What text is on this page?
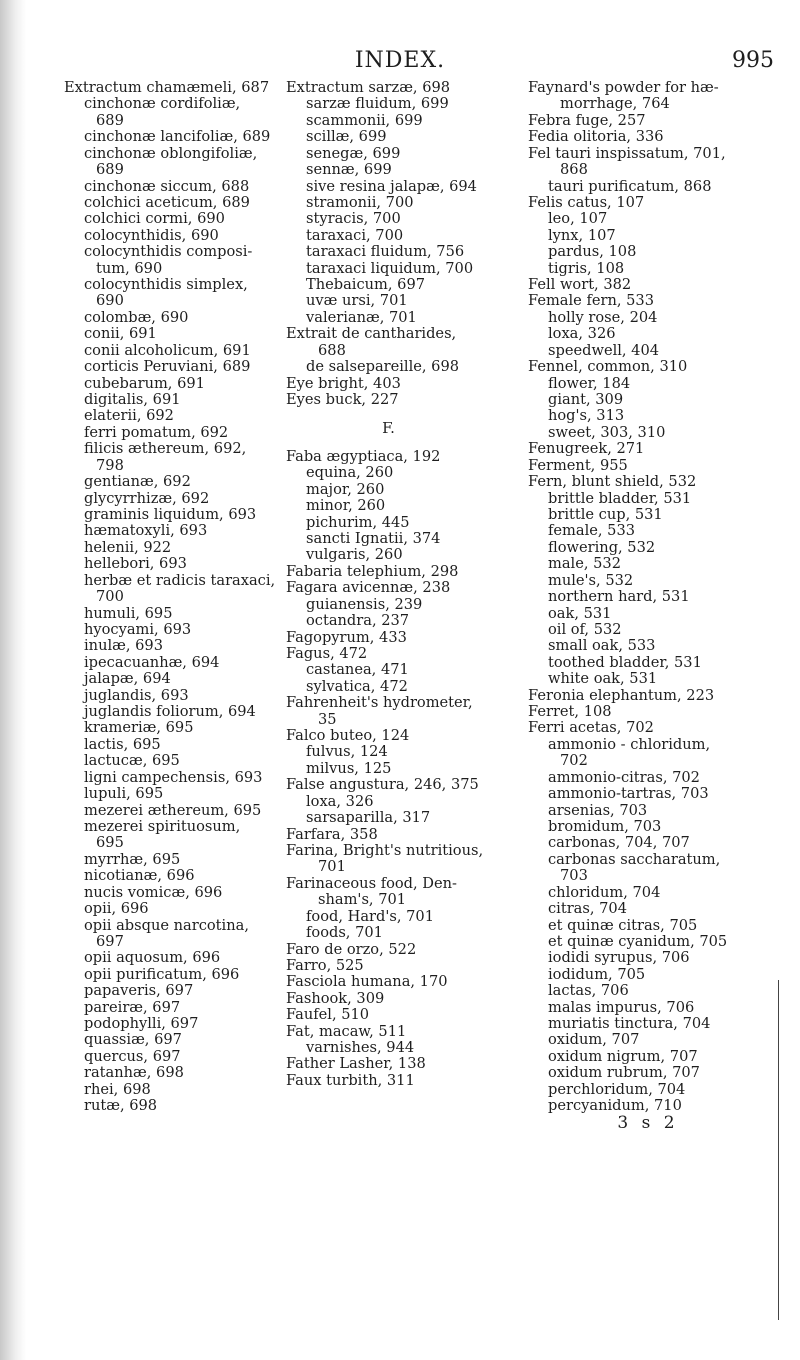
INDEX.	995
Extractum chamæmeli, 687
cinchonæ cordifoliæ,
689
cinchonæ lancifoliæ, 689
cinchonæ oblongifoliæ,
689
cinchonæ siccum, 688
colchici aceticum, 689
colchici cormi, 690
colocynthidis, 690
colocynthidis composi-
tum, 690
colocynthidis simplex,
690
colombæ, 690
conii, 691
conii alcoholicum, 691
corticis Peruviani, 689
cubebarum, 691
digitalis, 691
elaterii, 692
ferri pomatum, 692
filicis æthereum, 692,
798
gentianæ, 692
glycyrrhizæ, 692
graminis liquidum, 693
hæmatoxyli, 693
helenii, 922
hellebori, 693
herbæ et radicis taraxaci,
700
humuli, 695
hyocyami, 693
inulæ, 693
ipecacuanhæ, 694
jalapæ, 694
juglandis, 693
juglandis foliorum, 694
krameriæ, 695
lactis, 695
lactucæ, 695
ligni campechensis, 693
lupuli, 695
mezerei æthereum, 695
mezerei spirituosum,
695
myrrhæ, 695
nicotianæ, 696
nucis vomicæ, 696
opii, 696
opii absque narcotina,
697
opii aquosum, 696
opii purificatum, 696
papaveris, 697
pareiræ, 697
podophylli, 697
quassiæ, 697
quercus, 697
ratanhæ, 698
rhei, 698
rutæ, 698
Extractum sarzæ, 698
sarzæ fluidum, 699
scammonii, 699
scillæ, 699
senegæ, 699
sennæ, 699
sive resina jalapæ, 694
stramonii, 700
styracis, 700
taraxaci, 700
taraxaci fluidum, 756
taraxaci liquidum, 700
Thebaicum, 697
uvæ ursi, 701
valerianæ, 701
Extrait de cantharides,
688
de salsepareille, 698
Eye bright, 403
Eyes buck, 227
F.
Faba ægyptiaca, 192
equina, 260
major, 260
minor, 260
pichurim, 445
sancti Ignatii, 374
vulgaris, 260
Fabaria telephium, 298
Fagara avicennæ, 238
guianensis, 239
octandra, 237
Fagopyrum, 433
Fagus, 472
castanea, 471
sylvatica, 472
Fahrenheit's hydrometer,
35
Falco buteo, 124
fulvus, 124
milvus, 125
False angustura, 246, 375
loxa, 326
sarsaparilla, 317
Farfara, 358
Farina, Bright's nutritious,
701
Farinaceous food, Den-
sham's, 701
food, Hard's, 701
foods, 701
Faro de orzo, 522
Farro, 525
Fasciola humana, 170
Fashook, 309
Faufel, 510
Fat, macaw, 511
varnishes, 944
Father Lasher, 138
Faux turbith, 311
Faynard's powder for hæ-
morrhage, 764
Febra fuge, 257
Fedia olitoria, 336
Fel tauri inspissatum, 701,
868
tauri purificatum, 868
Felis catus, 107
leo, 107
lynx, 107
pardus, 108
tigris, 108
Fell wort, 382
Female fern, 533
holly rose, 204
loxa, 326
speedwell, 404
Fennel, common, 310
flower, 184
giant, 309
hog's, 313
sweet, 303, 310
Fenugreek, 271
Ferment, 955
Fern, blunt shield, 532
brittle bladder, 531
brittle cup, 531
female, 533
flowering, 532
male, 532
mule's, 532
northern hard, 531
oak, 531
oil of, 532
small oak, 533
toothed bladder, 531
white oak, 531
Feronia elephantum, 223
Ferret, 108
Ferri acetas, 702
ammonio - chloridum,
702
ammonio-citras, 702
ammonio-tartras, 703
arsenias, 703
bromidum, 703
carbonas, 704, 707
carbonas saccharatum,
703
chloridum, 704
citras, 704
et quinæ citras, 705
et quinæ cyanidum, 705
iodidi syrupus, 706
iodidum, 705
lactas, 706
malas impurus, 706
muriatis tinctura, 704
oxidum, 707
oxidum nigrum, 707
oxidum rubrum, 707
perchloridum, 704
percyanidum, 710
3 s 2
